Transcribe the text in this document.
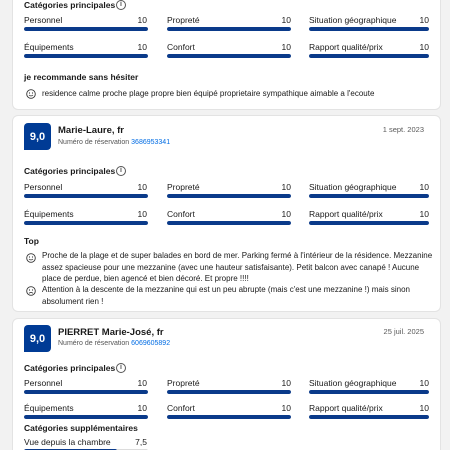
Catégories principales i
Personnel	10 Propreté	10 Situation géographique	10
Équipements	10 Confort	10 Rapport qualité/prix	10
je recommande sans hésiter
residence calme proche plage propre bien équipé proprietaire sympathique aimable a l'ecoute
9,0	Marie-Laure, fr
Numéro de réservation 3686953341
1 sept. 2023
Catégories principales i
Personnel	10 Propreté	10 Situation géographique	10
Équipements	10 Confort	10 Rapport qualité/prix	10
Top
Proche de la plage et de super balades en bord de mer. Parking fermé à l'intérieur de la résidence. Mezzanine assez spacieuse pour une mezzanine (avec une hauteur satisfaisante). Petit balcon avec canapé ! Aucune place de perdue, bien agencé et bien décoré. Et propre !!!!
Attention à la descente de la mezzanine qui est un peu abrupte (mais c'est une mezzanine !) mais sinon absolument rien !
9,0	PIERRET Marie-José, fr
Numéro de réservation 6069605892
25 juil. 2025
Catégories principales i
Personnel	10 Propreté	10 Situation géographique	10
Équipements	10 Confort	10 Rapport qualité/prix	10
Catégories supplémentaires
Vue depuis la chambre	7,5
